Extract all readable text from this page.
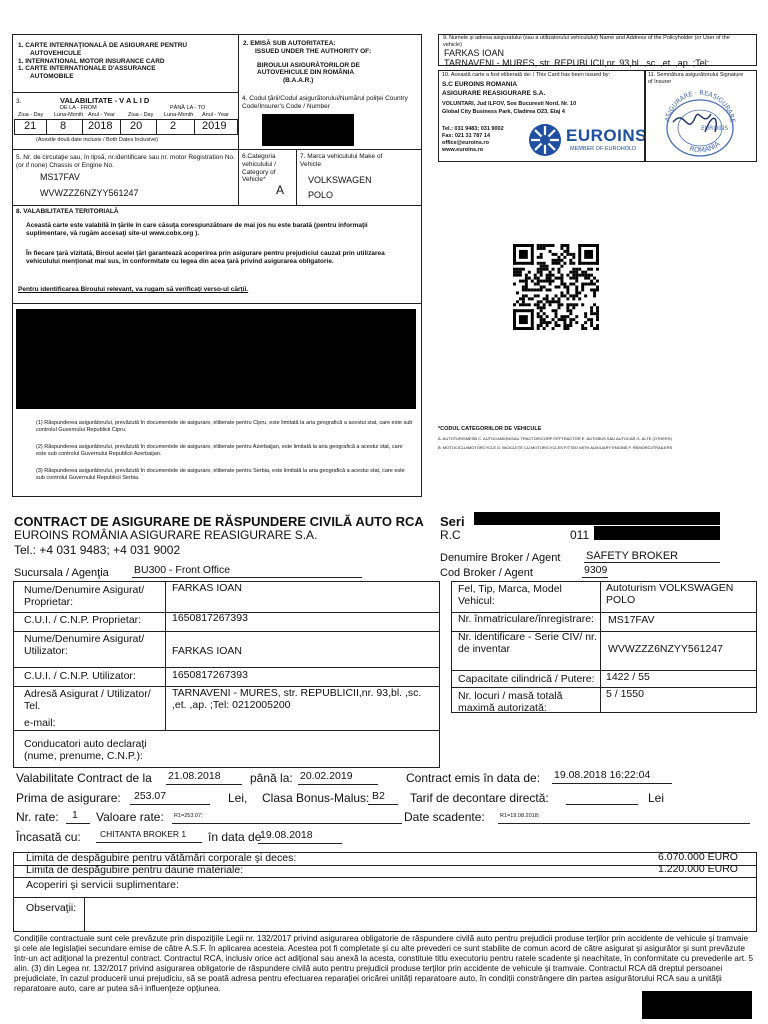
1. CARTE INTERNAŢIONALĂ DE ASIGURARE PENTRU
AUTOVEHICULE
1. INTERNATIONAL MOTOR INSURANCE CARD
1. CARTE INTERNATIONALE D'ASSURANCE
AUTOMOBILE
2. EMISĂ SUB AUTORITATEA:
ISSUED UNDER THE AUTHORITY OF:
BIROULUI ASIGURĂTORILOR DE
AUTOVEHICULE DIN ROMÂNIA
(B.A.A.R.)
3.	VALABILITATE - V A L I D
DE LA - FROM	PÂNĂ LA - TO
Ziua - Day Luna-Month Anul - Year Ziua - Day Luna-Month Anul - Year
21 8 2018 20	2 2019
(Acestle două date inclusiv / Both Dates Inclusive)
4. Codul ţării/Codul asigurătorului/Numărul poliţei Country Code/Insurer's Code / Number
5. Nr. de circulaţie sau, în lipsă, nr.identificare sau nr. motor Registration No. (or if none) Chassis or Engine No.
MS17FAV
WVWZZZ6NZYY561247
6.Categoria vehiculului / Category of Vehicle*
A
7. Marca vehiculului Make of Vehicle
VOLKSWAGEN
POLO
8. VALABILITATEA TERITORIALĂ
Această carte este valabilă în ţările în care căsuţa corespunzătoare de mai jos nu este barată (pentru informaţii suplimentare, vă rugăm accesaţi site-ul www.cobx.org ).
În fiecare ţară vizitată, Biroul acelei ţări garantează acoperirea prin asigurare pentru prejudiciul cauzat prin utilizarea vehiculului menţionat mai sus, în conformitate cu legea din acea ţară privind asigurarea obligatorie.
Pentru identificarea Biroului relevant, va rugam să verificaţi verso-ul cărţii.
(1) Răspunderea asigurătorului, prevăzută în documentele de asigurare, eliberate pentru Cipru, este limitată la aria geografică a acestui stat, care este sub controlul Guvernului Republicii Cipru.
(2) Răspunderea asigurătorului, prevăzută în documentele de asigurare, eliberate pentru Azerbaijan, este limitată la aria geografică a acestui stat, care este sub controlul Guvernului Republicii Azerbaijan.
(3) Răspunderea asigurătorului, prevăzută în documentele de asigurare, eliberate pentru Serbia, este limitată la aria geografică a acestui stat, care este sub controlul Guvernului Republicii Serbia.
9. Numele şi adresa asiguratului (sau a utilizatorului vehiculului) Name and Address of the Policyholder (or User of the vehicle)
FARKAS IOAN
TARNAVENI - MURES, str. REPUBLICII,nr. 93,bl. ,sc. ,et. ,ap. ;Tel:
10. Această carte a fost eliberată de: / This Card has been issued by:
S.C EUROINS ROMANIA
ASIGURARE REASIGURARE S.A.
VOLUNTARI, Jud ILFOV, Sos Bucuresti Nord, Nr. 10
Global City Business Park, Cladirea O23, Etaj 4
Tel.: 031 9483; 031 9002
Fax: 021 31 787 14
office@euroins.ro
www.euroins.ro
EUROINS
MEMBER OF EUROHOLD
11. Semnătura asigurătorului Signature of Insurer
ASIGURARE · REASIGURARE
ROMANIA
EUROINS
*CODUL CATEGORIILOR DE VEHICULE
A. AUTOTURISMESB C. AUTOCAMION/SAU TRACTOR/CORP OFFTRACTOR E. AUTOBUS SAU AUTOCAR G. ALTE (OTHERS)
B. MOTOCICLU/MOTORCYCLE D. BICICLETE CU MOTOR/CYCLES FITTED WITH AUXILIARY ENGINE F. REMORCI/TRAILERS
CONTRACT DE ASIGURARE DE RĂSPUNDERE CIVILĂ AUTO RCA
EUROINS ROMÂNIA ASIGURARE REASIGURARE S.A.
Tel.: +4 031 9483; +4 031 9002
Seri
R.C	011
Denumire Broker / Agent SAFETY BROKER
Sucursala / Agenţia BU300 - Front Office	Cod Broker / Agent	9309
Nume/Denumire Asigurat/ Proprietar:
FARKAS IOAN
C.U.I. / C.N.P. Proprietar:	1650817267393
Nume/Denumire Asigurat/ Utilizator:	FARKAS IOAN
C.U.I. / C.N.P. Utilizator:	1650817267393
Adresă Asigurat / Utilizator/ Tel.
e-mail:
TARNAVENI - MURES, str. REPUBLICII,nr. 93,bl. ,sc. ,et. ,ap. ;Tel: 0212005200
Conducatori auto declaraţi (nume, prenume, C.N.P.):
Fel, Tip, Marca, Model Vehicul:
Autoturism VOLKSWAGEN POLO
Nr. înmatriculare/înregistrare: MS17FAV
Nr. identificare - Serie CIV/ nr. de inventar	WVWZZZ6NZYY561247
Capacitate cilindrică / Putere: 1422 / 55
Nr. locuri / masă totală maximă autorizată:
5 / 1550
Valabilitate Contract de la 21.08.2018 până la: 20.02.2019	Contract emis în data de: 19.08.2018 16:22:04
Prima de asigurare: 253.07	Lei, Clasa Bonus-Malus: B2 Tarif de decontare directă:	Lei
Nr. rate: 1 Valoare rate: R1=253.07;	Date scadente:	R1=19.08.2018;
Încasată cu: CHITANTA BROKER 1 în data de
19.08.2018
Limita de despăgubire pentru vătămări corporale şi deces:	6.070.000 EURO
Limita de despăgubire pentru daune materiale:	1.220.000 EURO
Acoperiri şi servicii suplimentare:
Observaţii:
Condiţiile contractuale sunt cele prevăzute prin dispoziţiile Legii nr. 132/2017 privind asigurarea obligatorie de răspundere civilă auto pentru prejudicii produse terţilor prin accidente de vehicule şi tramvaie şi cele ale legislaţiei secundare emise de către A.S.F. în aplicarea acesteia. Acestea pot fi completate şi cu alte prevederi ce sunt stabilite de comun acord de către asigurat şi asigurător şi sunt prevăzute într-un act adiţional la prezentul contract. Contractul RCA, inclusiv orice act adiţional sau anexă la acesta, constituie titlu executoriu pentru ratele scadente şi neachitate, în conformitate cu prevederile art. 5 alin. (3) din Legea nr. 132/2017 privind asigurarea obligatorie de răspundere civilă auto pentru prejudicii produse terţilor prin accidente de vehicule şi tramvaie. Contractul RCA dă dreptul persoanei prejudiciate, în cazul producerii unui prejudiciu, să se poată adresa pentru efectuarea reparaţiei oricărei unităţi reparatoare auto, în condiţii constrângere din partea asigurătorului RCA sau a unităţii reparatoare auto, care ar putea să-i influenţeze opţiunea.
